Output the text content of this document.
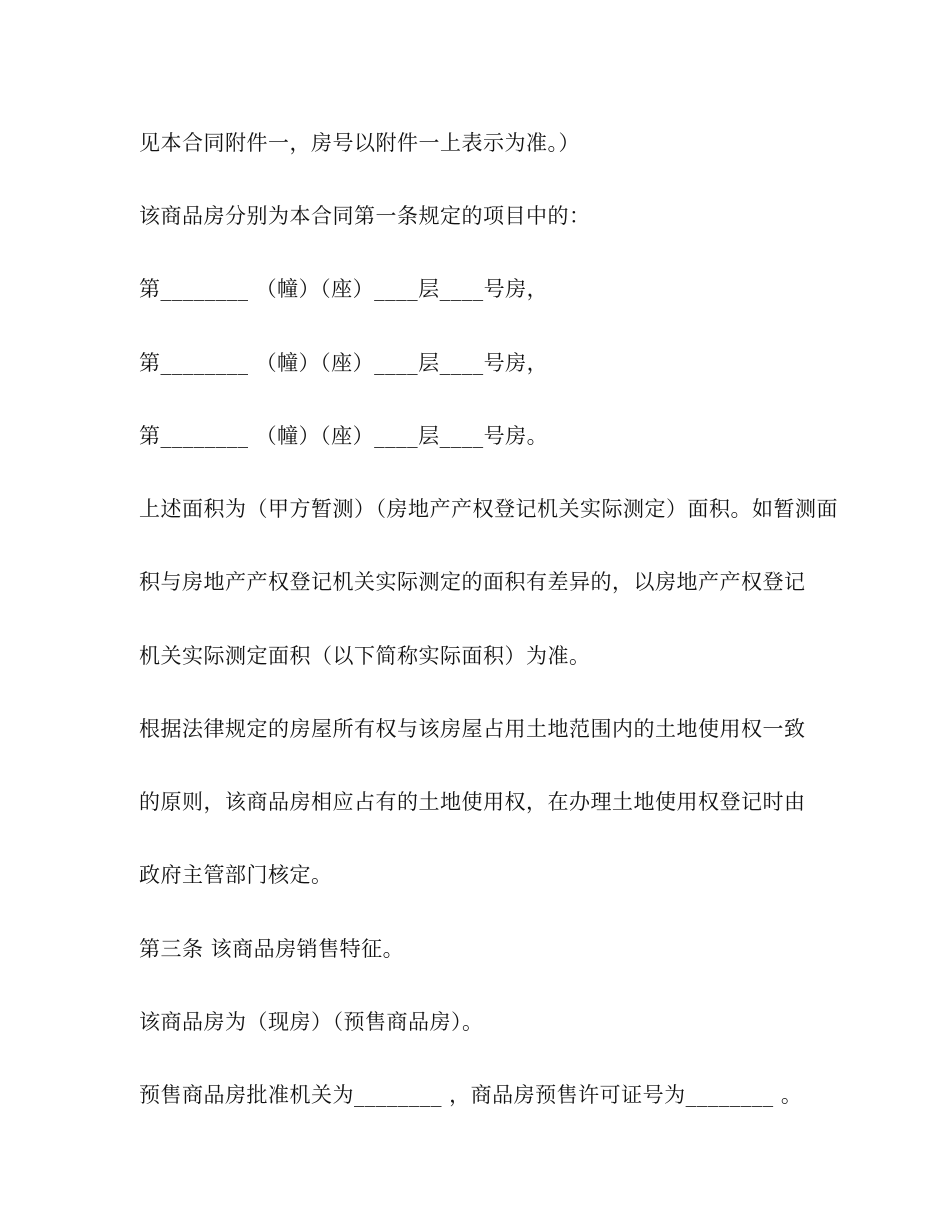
见本合同附件一，房号以附件一上表示为准。）
该商品房分别为本合同第一条规定的项目中的：
第________ （幢）（座）____层____号房，
第________ （幢）（座）____层____号房，
第________ （幢）（座）____层____号房。
上述面积为（甲方暂测）（房地产产权登记机关实际测定）面积。如暂测面
积与房地产产权登记机关实际测定的面积有差异的，以房地产产权登记
机关实际测定面积（以下简称实际面积）为准。
根据法律规定的房屋所有权与该房屋占用土地范围内的土地使用权一致
的原则，该商品房相应占有的土地使用权，在办理土地使用权登记时由
政府主管部门核定。
第三条 该商品房销售特征。
该商品房为（现房）（预售商品房）。
预售商品房批准机关为________ ，商品房预售许可证号为________ 。
